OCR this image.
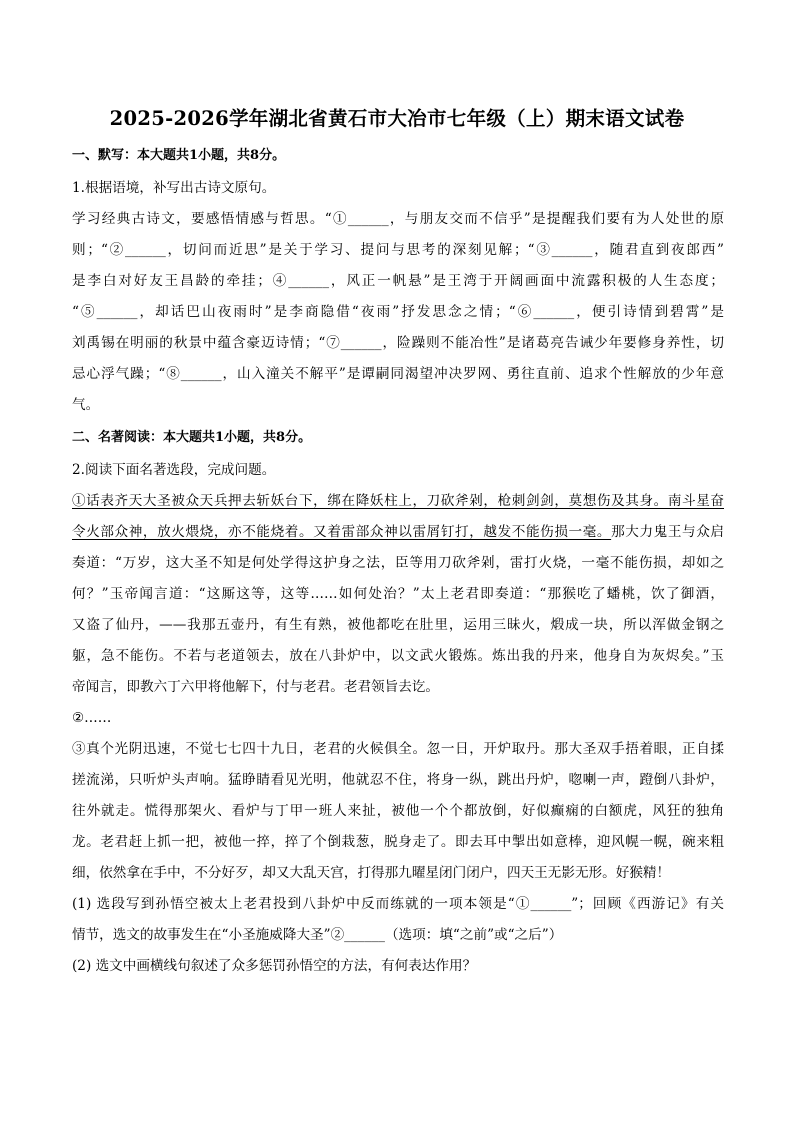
2025-2026学年湖北省黄石市大冶市七年级（上）期末语文试卷
一、默写：本大题共1小题，共8分。
1.根据语境，补写出古诗文原句。
学习经典古诗文，要感悟情感与哲思。“①______，与朋友交而不信乎”是提醒我们要有为人处世的原
则；“②______，切问而近思”是关于学习、提问与思考的深刻见解；“③______，随君直到夜郎西”
是李白对好友王昌龄的牵挂；④______，风正一帆悬”是王湾于开阔画面中流露积极的人生态度；
“⑤______，却话巴山夜雨时”是李商隐借“夜雨”抒发思念之情；“⑥______，便引诗情到碧霄”是
刘禹锡在明丽的秋景中蕴含豪迈诗情；“⑦______，险躁则不能冶性”是诸葛亮告诫少年要修身养性，切
忌心浮气躁；“⑧______，山入潼关不解平”是谭嗣同渴望冲决罗网、勇往直前、追求个性解放的少年意
气。
二、名著阅读：本大题共1小题，共8分。
2.阅读下面名著选段，完成问题。
①话表齐天大圣被众天兵押去斩妖台下，绑在降妖柱上，刀砍斧剁，枪刺剑剑，莫想伤及其身。南斗星奋
令火部众神，放火煨烧，亦不能烧着。又着雷部众神以雷屑钉打，越发不能伤损一毫。那大力鬼王与众启
奏道：“万岁，这大圣不知是何处学得这护身之法，臣等用刀砍斧剁，雷打火烧，一毫不能伤损，却如之
何？”玉帝闻言道：“这厮这等，这等……如何处治？”太上老君即奏道：“那猴吃了蟠桃，饮了御酒，
又盗了仙丹，——我那五壶丹，有生有熟，被他都吃在肚里，运用三昧火，煅成一块，所以浑做金钢之
躯，急不能伤。不若与老道领去，放在八卦炉中，以文武火锻炼。炼出我的丹来，他身自为灰烬矣。”玉
帝闻言，即教六丁六甲将他解下，付与老君。老君领旨去讫。
②……
③真个光阴迅速，不觉七七四十九日，老君的火候俱全。忽一日，开炉取丹。那大圣双手捂着眼，正自揉
搓流涕，只听炉头声响。猛睁睛看见光明，他就忍不住，将身一纵，跳出丹炉，唿喇一声，蹬倒八卦炉，
往外就走。慌得那架火、看炉与丁甲一班人来扯，被他一个个都放倒，好似癫痫的白额虎，风狂的独角
龙。老君赶上抓一把，被他一捽，捽了个倒栽葱，脱身走了。即去耳中掣出如意棒，迎风幌一幌，碗来粗
细，依然拿在手中，不分好歹，却又大乱天宫，打得那九曜星闭门闭户，四天王无影无形。好猴精！
(1) 选段写到孙悟空被太上老君投到八卦炉中反而练就的一项本领是“①______”；回顾《西游记》有关
情节，选文的故事发生在“小圣施威降大圣”②______（选项：填“之前”或“之后”）
(2) 选文中画横线句叙述了众多惩罚孙悟空的方法，有何表达作用？
